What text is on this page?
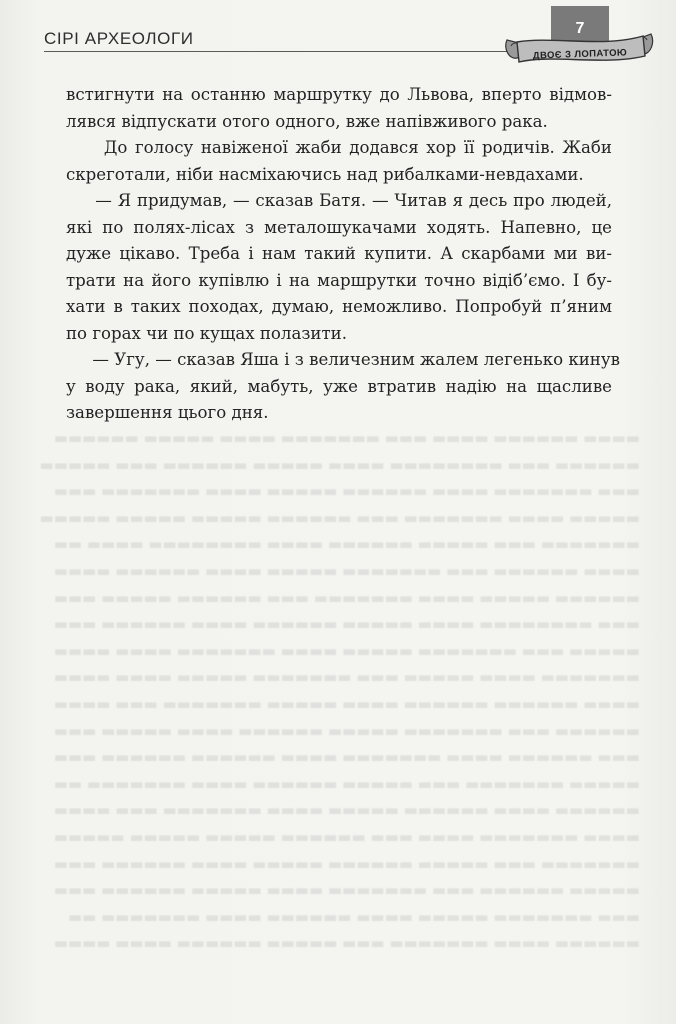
▬▬▬▬ ▬▬▬▬▬▬ ▬▬▬▬ ▬▬▬ ▬▬▬▬▬▬▬ ▬▬▬▬ ▬▬▬▬▬ ▬▬▬▬▬▬
▬▬▬▬▬▬ ▬▬▬ ▬▬▬▬▬▬▬▬ ▬▬▬▬ ▬▬▬▬▬ ▬▬▬▬▬▬ ▬▬▬ ▬▬▬▬▬
▬▬▬ ▬▬▬▬▬▬▬ ▬▬▬▬ ▬▬▬▬▬▬ ▬▬▬▬▬ ▬▬▬▬ ▬▬▬▬▬▬▬ ▬▬▬
▬▬▬▬▬ ▬▬▬▬ ▬▬▬▬▬▬▬ ▬▬▬ ▬▬▬▬▬▬ ▬▬▬▬▬ ▬▬▬▬▬ ▬▬▬▬▬
▬▬▬▬▬▬▬ ▬▬▬ ▬▬▬▬▬ ▬▬▬▬▬▬ ▬▬▬▬ ▬▬▬▬▬▬▬▬ ▬▬▬▬ ▬▬
▬▬▬▬ ▬▬▬▬▬▬ ▬▬▬ ▬▬▬▬▬▬▬ ▬▬▬▬▬ ▬▬▬▬ ▬▬▬▬▬▬ ▬▬▬▬
▬▬▬▬▬▬ ▬▬▬▬▬ ▬▬▬▬ ▬▬▬▬▬▬▬ ▬▬▬ ▬▬▬▬▬▬ ▬▬▬▬▬ ▬▬▬
▬▬▬ ▬▬▬▬▬▬▬▬ ▬▬▬▬ ▬▬▬▬▬ ▬▬▬▬▬▬ ▬▬▬▬ ▬▬▬▬▬▬ ▬▬▬
▬▬▬▬▬ ▬▬▬ ▬▬▬▬▬▬▬ ▬▬▬▬▬ ▬▬▬▬ ▬▬▬▬▬▬▬ ▬▬▬▬ ▬▬▬▬
▬▬▬▬▬▬▬ ▬▬▬▬ ▬▬▬▬▬ ▬▬▬ ▬▬▬▬▬▬▬ ▬▬▬▬▬ ▬▬▬▬ ▬▬▬▬
▬▬▬▬ ▬▬▬▬▬▬ ▬▬▬▬▬▬ ▬▬▬▬ ▬▬▬▬▬ ▬▬▬▬▬▬▬ ▬▬▬ ▬▬▬▬
▬▬▬▬▬▬ ▬▬▬ ▬▬▬▬▬▬▬ ▬▬▬▬▬ ▬▬▬▬▬▬ ▬▬▬▬ ▬▬▬▬▬ ▬▬▬
▬▬▬ ▬▬▬▬▬▬ ▬▬▬▬ ▬▬▬▬▬▬▬ ▬▬▬▬ ▬▬▬▬▬▬ ▬▬▬▬▬▬ ▬▬▬
▬▬▬▬▬ ▬▬▬▬▬▬▬ ▬▬▬ ▬▬▬▬▬ ▬▬▬▬▬▬ ▬▬▬▬ ▬▬▬▬▬▬▬ ▬▬
▬▬▬▬▬▬ ▬▬▬▬ ▬▬▬▬▬▬ ▬▬▬▬▬ ▬▬▬▬ ▬▬▬▬▬▬▬ ▬▬▬ ▬▬▬▬
▬▬▬▬ ▬▬▬▬▬▬▬ ▬▬▬▬ ▬▬▬ ▬▬▬▬▬▬ ▬▬▬▬▬ ▬▬▬▬▬ ▬▬▬▬▬
▬▬▬▬▬▬▬ ▬▬▬ ▬▬▬▬▬ ▬▬▬▬▬▬ ▬▬▬▬▬ ▬▬▬▬ ▬▬▬▬▬▬ ▬▬▬
▬▬▬▬▬ ▬▬▬▬▬▬ ▬▬▬ ▬▬▬▬▬▬▬ ▬▬▬▬ ▬▬▬▬▬ ▬▬▬▬▬▬ ▬▬▬
▬▬▬ ▬▬▬▬▬▬▬ ▬▬▬▬▬ ▬▬▬▬ ▬▬▬▬▬▬ ▬▬▬▬ ▬▬▬▬▬▬▬ ▬▬
▬▬▬▬▬▬ ▬▬▬▬ ▬▬▬▬▬▬▬ ▬▬▬ ▬▬▬▬▬ ▬▬▬▬▬▬ ▬▬▬▬ ▬▬▬▬
СІРІ АРХЕОЛОГИ
7
ДВОЄ З ЛОПАТОЮ
встигнути на останню маршрутку до Львова, вперто відмов-
лявся відпускати отого одного, вже напівживого рака.
До голосу навіженої жаби додався хор її родичів. Жаби
скреготали, ніби насміхаючись над рибалками-невдахами.
— Я придумав, — сказав Батя. — Читав я десь про людей,
які по полях-лісах з металошукачами ходять. Напевно, це
дуже цікаво. Треба і нам такий купити. А скарбами ми ви-
трати на його купівлю і на маршрутки точно відіб’ємо. І бу-
хати в таких походах, думаю, неможливо. Попробуй п’яним
по горах чи по кущах полазити.
— Угу, — сказав Яша і з величезним жалем легенько кинув
у воду рака, який, мабуть, уже втратив надію на щасливе
завершення цього дня.
